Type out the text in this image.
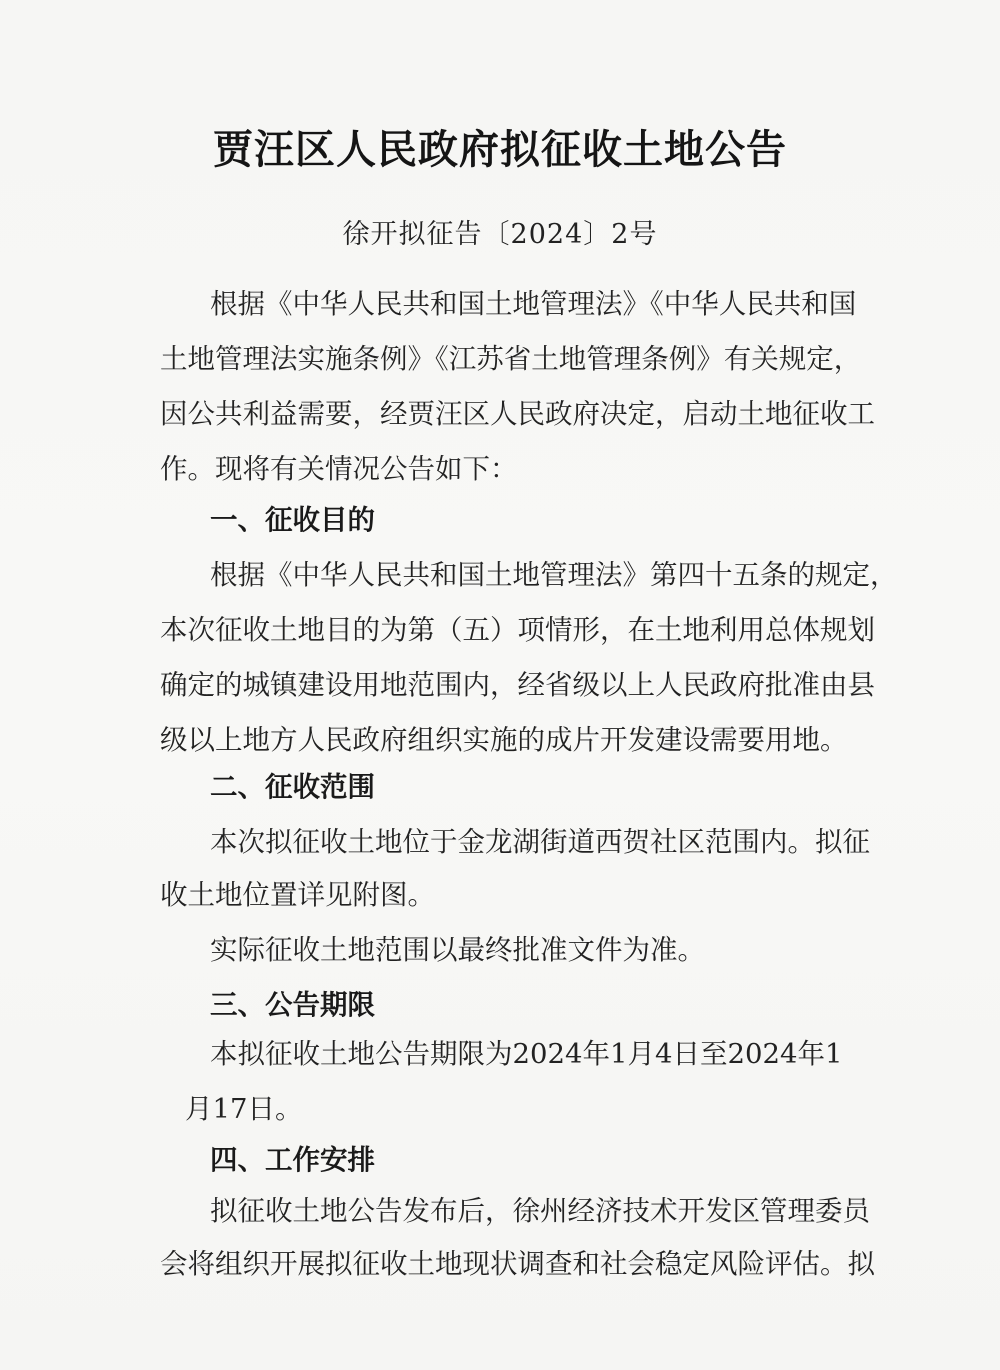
贾汪区人民政府拟征收土地公告
徐开拟征告〔2024〕2号
根据《中华人民共和国土地管理法》《中华人民共和国
土地管理法实施条例》《江苏省土地管理条例》有关规定，
因公共利益需要，经贾汪区人民政府决定，启动土地征收工
作。现将有关情况公告如下：
一、征收目的
根据《中华人民共和国土地管理法》第四十五条的规定，
本次征收土地目的为第（五）项情形，在土地利用总体规划
确定的城镇建设用地范围内，经省级以上人民政府批准由县
级以上地方人民政府组织实施的成片开发建设需要用地。
二、征收范围
本次拟征收土地位于金龙湖街道西贺社区范围内。拟征
收土地位置详见附图。
实际征收土地范围以最终批准文件为准。
三、公告期限
本拟征收土地公告期限为2024年1月4日至2024年1
月17日。
四、工作安排
拟征收土地公告发布后，徐州经济技术开发区管理委员
会将组织开展拟征收土地现状调查和社会稳定风险评估。拟
